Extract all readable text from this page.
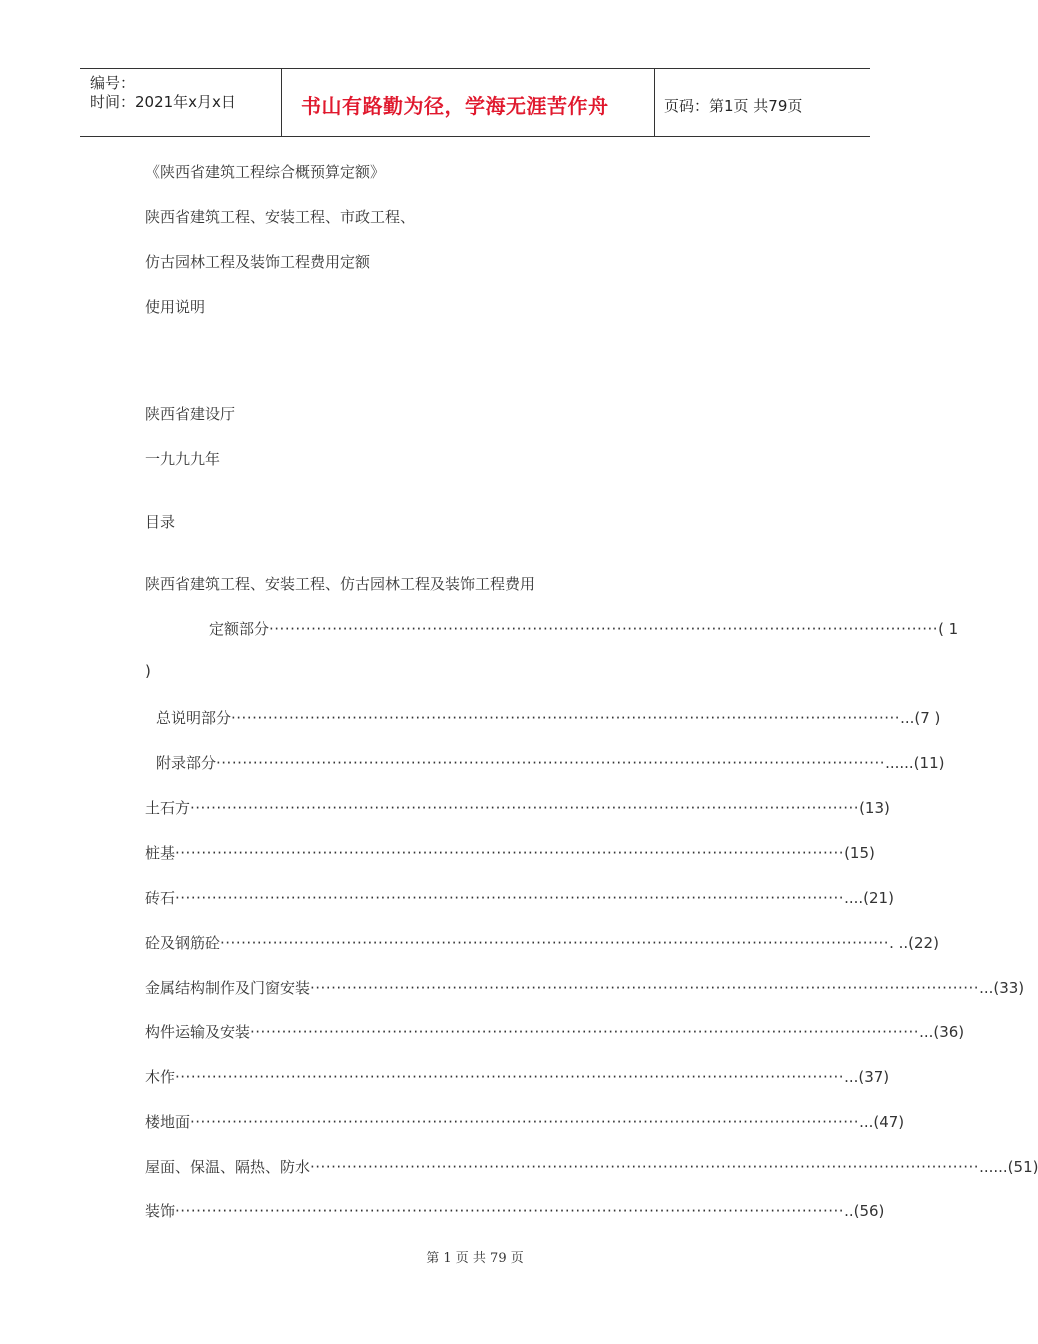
编号：
时间：2021年x月x日	书山有路勤为径，学海无涯苦作舟	页码：第1页 共79页
《陕西省建筑工程综合概预算定额》
陕西省建筑工程、安装工程、市政工程、
仿古园林工程及装饰工程费用定额
使用说明
陕西省建设厅
一九九九年
目录
陕西省建筑工程、安装工程、仿古园林工程及装饰工程费用
定额部分 ······························································································································· ( 1
)
总说明部分 ······························································································································· ...(7 )
附录部分 ······························································································································· ......(11)
土石方 ······························································································································· (13)
桩基 ······························································································································· (15)
砖石 ······························································································································· ....(21)
砼及钢筋砼 ······························································································································· . ..(22)
金属结构制作及门窗安装 ······························································································································· ...(33)
构件运输及安装 ······························································································································· ...(36)
木作 ······························································································································· ...(37)
楼地面 ······························································································································· ...(47)
屋面、保温、隔热、防水 ······························································································································· ......(51)
装饰 ······························································································································· ..(56)
第 1 页 共 79 页
